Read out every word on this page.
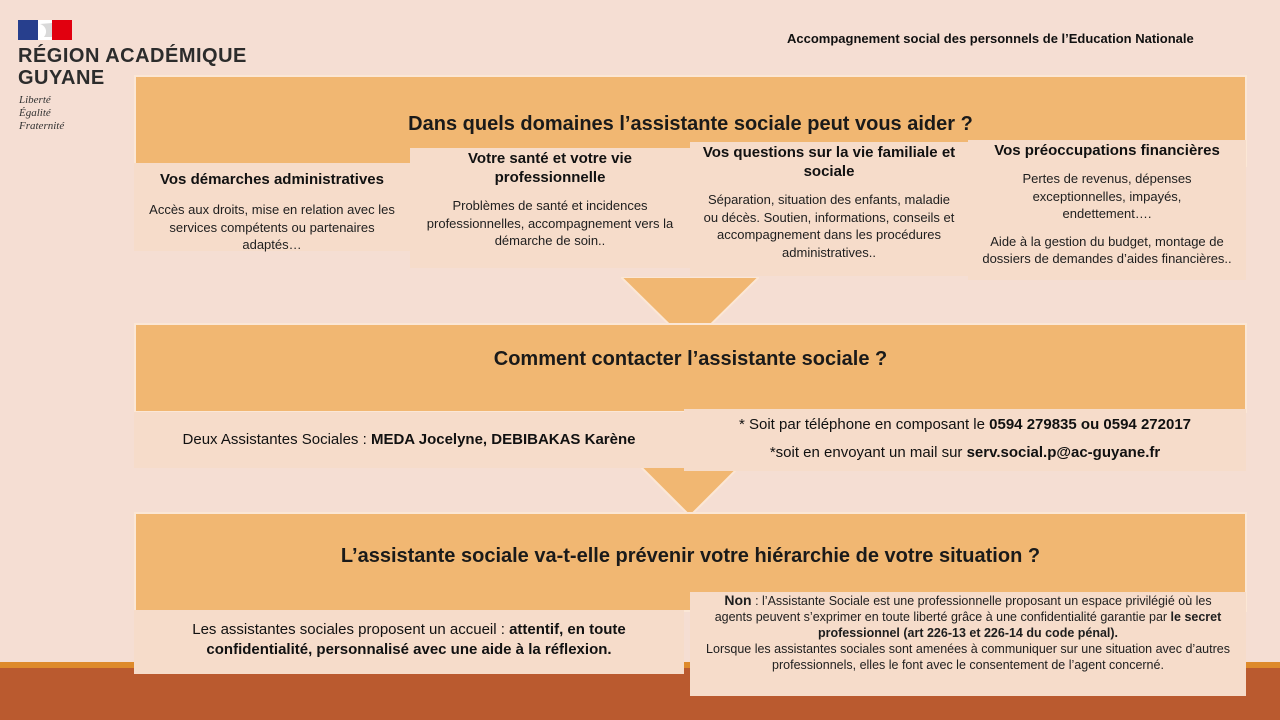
RÉGION ACADÉMIQUE
GUYANE
Liberté
Égalité
Fraternité
Accompagnement social des personnels de l’Education Nationale
Dans quels domaines l’assistante sociale peut vous aider ?
Vos démarches administratives
Accès aux droits, mise en relation avec les services compétents ou partenaires adaptés…
Votre santé et votre vie professionnelle
Problèmes de santé et incidences professionnelles, accompagnement vers la démarche de soin..
Vos questions sur la vie familiale et sociale
Séparation, situation des enfants, maladie ou décès. Soutien, informations, conseils et accompagnement dans les procédures administratives..
Vos préoccupations financières
Pertes de revenus, dépenses exceptionnelles, impayés, endettement….
Aide à la gestion du budget, montage de dossiers de demandes d’aides financières..
Comment contacter l’assistante sociale ?
Deux Assistantes Sociales : MEDA Jocelyne, DEBIBAKAS Karène
* Soit par téléphone en composant le 0594 279835 ou 0594 272017
*soit en envoyant un mail sur serv.social.p@ac-guyane.fr
L’assistante sociale va-t-elle prévenir votre hiérarchie de votre situation ?
Les assistantes sociales proposent un accueil : attentif, en toute confidentialité, personnalisé avec une aide à la réflexion.
Non : l’Assistante Sociale est une professionnelle proposant un espace privilégié où les agents peuvent s’exprimer en toute liberté grâce à une confidentialité garantie par le secret professionnel (art 226-13 et 226-14 du code pénal).
Lorsque les assistantes sociales sont amenées à communiquer sur une situation avec d’autres professionnels, elles le font avec le consentement de l’agent concerné.
